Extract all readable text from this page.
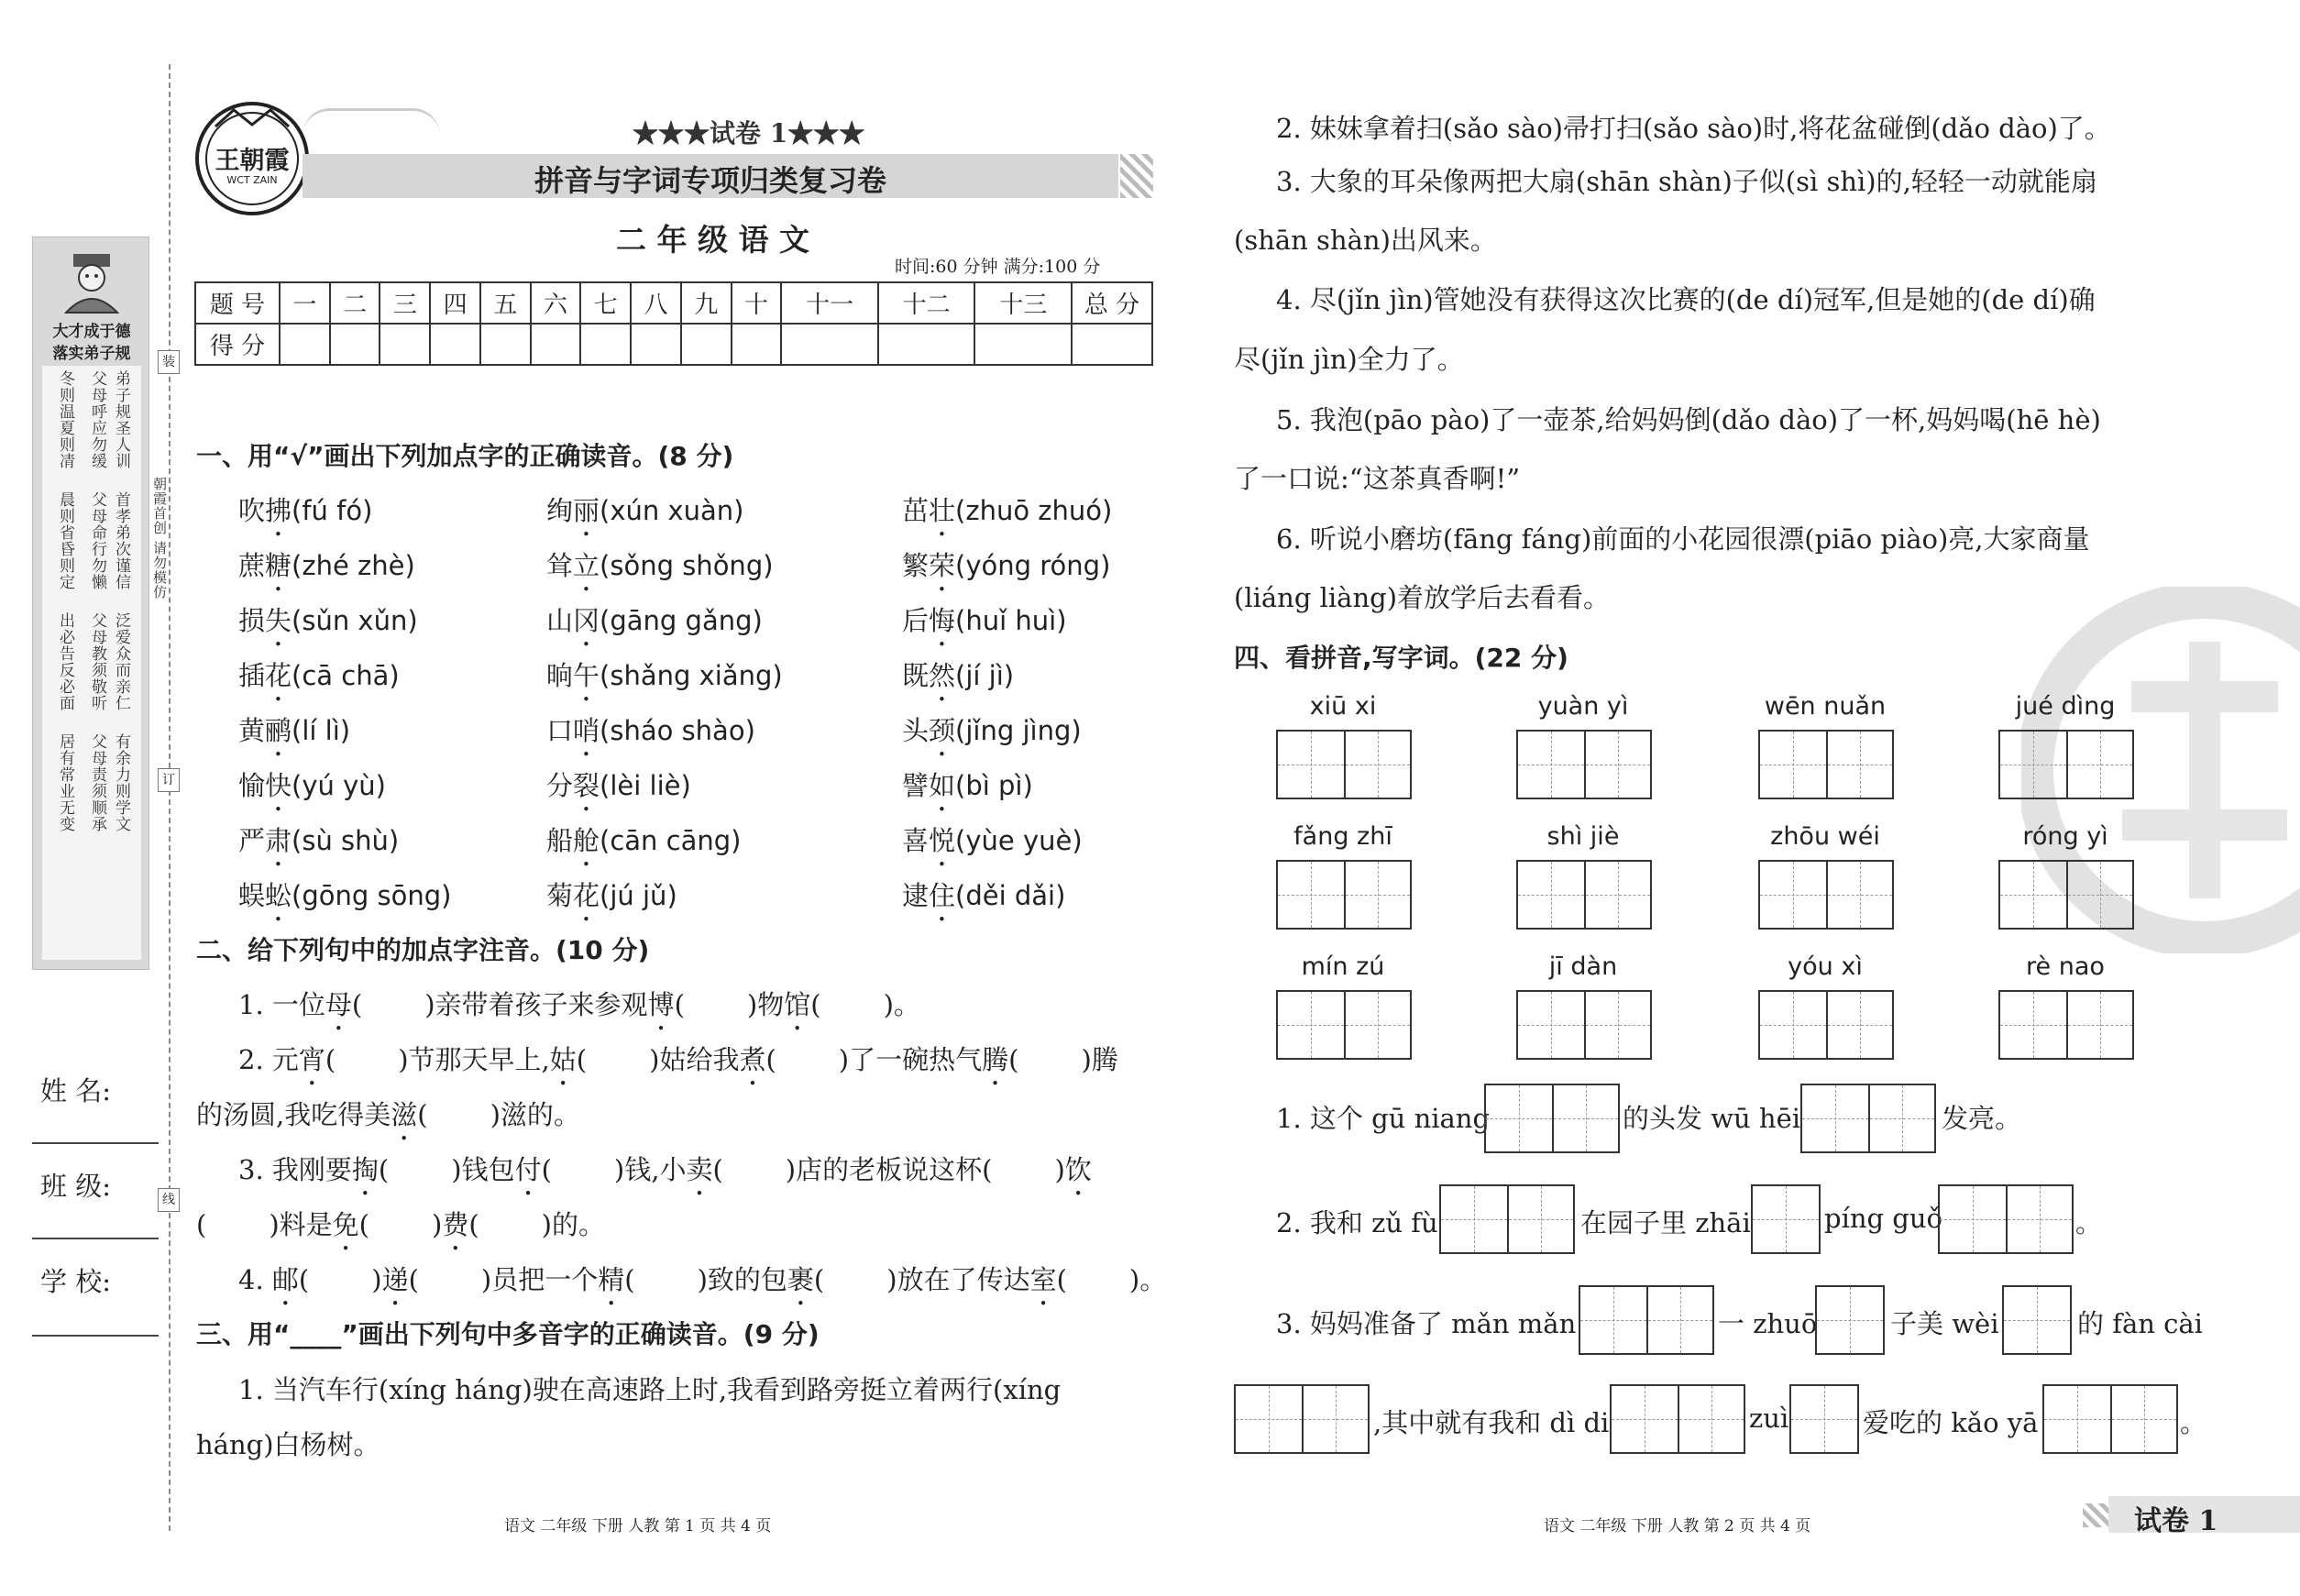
大才成于德
落实弟子规
弟子规圣人训
首孝弟次谨信
泛爱众而亲仁
有余力则学文
父母呼应勿缓
父母命行勿懒
父母教须敬听
父母责须顺承
冬则温夏则凊
晨则省昏则定
出必告反必面
居有常业无变
朝霞首创 请勿模仿
装
订
线
姓 名:
班 级:
学 校:
王朝霞
WCT ZAIN
★★★试卷 1★★★
拼音与字词专项归类复习卷
二 年 级 语 文
时间:60 分钟 满分:100 分
题 号	一	二	三	四	五	六	七	八	九	十	十一	十二	十三	总 分
得 分														
一、用“√”画出下列加点字的正确读音。(8 分)
吹拂(fú fó)	绚丽(xún xuàn)	茁壮(zhuō zhuó)
蔗糖(zhé zhè)	耸立(sǒng shǒng)	繁荣(yóng róng)
损失(sǔn xǔn)	山冈(gāng gǎng)	后悔(huǐ huì)
插花(cā chā)	晌午(shǎng xiǎng)	既然(jí jì)
黄鹂(lí lì)	口哨(sháo shào)	头颈(jǐng jìng)
愉快(yú yù)	分裂(lèi liè)	譬如(bì pì)
严肃(sù shù)	船舱(cān cāng)	喜悦(yùe yuè)
蜈蚣(gōng sōng)	菊花(jú jǔ)	逮住(děi dǎi)
二、给下列句中的加点字注音。(10 分)
1. 一位母( )亲带着孩子来参观博( )物馆( )。
2. 元宵( )节那天早上,姑( )姑给我煮( )了一碗热气腾( )腾
的汤圆,我吃得美滋( )滋的。
3. 我刚要掏( )钱包付( )钱,小卖( )店的老板说这杯( )饮
( )料是免( )费( )的。
4. 邮( )递( )员把一个精( )致的包裹( )放在了传达室( )。
三、用“____”画出下列句中多音字的正确读音。(9 分)
1. 当汽车行(xíng háng)驶在高速路上时,我看到路旁挺立着两行(xíng
háng)白杨树。
2. 妹妹拿着扫(sǎo sào)帚打扫(sǎo sào)时,将花盆碰倒(dǎo dào)了。
3. 大象的耳朵像两把大扇(shān shàn)子似(sì shì)的,轻轻一动就能扇
(shān shàn)出风来。
4. 尽(jǐn jìn)管她没有获得这次比赛的(de dí)冠军,但是她的(de dí)确
尽(jǐn jìn)全力了。
5. 我泡(pāo pào)了一壶茶,给妈妈倒(dǎo dào)了一杯,妈妈喝(hē hè)
了一口说:“这茶真香啊!”
6. 听说小磨坊(fāng fáng)前面的小花园很漂(piāo piào)亮,大家商量
(liáng liàng)着放学后去看看。
四、看拼音,写字词。(22 分)
xiū xi	yuàn yì	wēn nuǎn	jué dìng
fǎng zhī	shì jiè	zhōu wéi	róng yì
mín zú	jī dàn	yóu xì	rè nao
1. 这个 gū niang	的头发 wū hēi	发亮。
2. 我和 zǔ fù	在园子里 zhāi	píng guǒ	。
3. 妈妈准备了 mǎn mǎn	一 zhuō	子美 wèi	的 fàn cài
,其中就有我和 dì di	zuì	爱吃的 kǎo yā	。
语文 二年级 下册 人教 第 1 页 共 4 页	语文 二年级 下册 人教 第 2 页 共 4 页	试卷 1
